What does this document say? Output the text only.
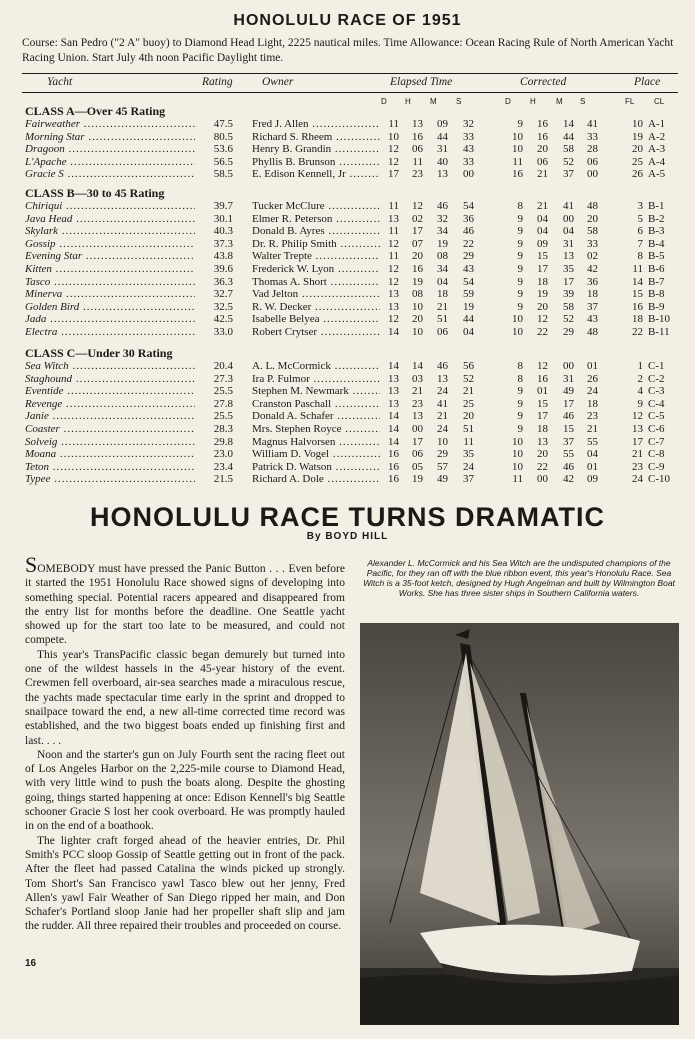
HONOLULU RACE OF 1951
Course: San Pedro ("2 A" buoy) to Diamond Head Light, 2225 nautical miles. Time Allowance: Ocean Racing Rule of North American Yacht Racing Union. Start July 4th noon Pacific Daylight time.
Yacht	Rating	Owner	Elapsed Time	Corrected	Place
D H M S	D H	M S	FL CL
CLASS A—Over 45 Rating
Fairweather .....	47.5 Fred J. Allen .....	11	13	09	32	9	16	14	41	10 A-1
Morning Star .....	80.5 Richard S. Rheem .....	10	16	44	33	10	16	44	33	19 A-2
Dragoon .....	53.6 Henry B. Grandin .....	12	06	31	43	10	20	58	28	20 A-3
L'Apache .....	56.5 Phyllis B. Brunson .....	12	11	40	33	11	06	52	06	25 A-4
Gracie S .....	58.5 E. Edison Kennell, Jr .....	17	23	13	00	16	21	37	00	26 A-5
CLASS B—30 to 45 Rating
Chiriqui .....	39.7 Tucker McClure .....	11	12	46	54	8	21	41	48	3 B-1
Java Head .....	30.1 Elmer R. Peterson .....	13	02	32	36	9	04	00	20	5 B-2
Skylark .....	40.3 Donald B. Ayres .....	11	17	34	46	9	04	04	58	6 B-3
Gossip .....	37.3 Dr. R. Philip Smith .....	12	07	19	22	9	09	31	33	7 B-4
Evening Star .....	43.8 Walter Trepte .....	11	20	08	29	9	15	13	02	8 B-5
Kitten .....	39.6 Frederick W. Lyon .....	12	16	34	43	9	17	35	42	11 B-6
Tasco .....	36.3 Thomas A. Short .....	12	19	04	54	9	18	17	36	14 B-7
Minerva .....	32.7 Vad Jelton .....	13	08	18	59	9	19	39	18	15 B-8
Golden Bird .....	32.5 R. W. Decker .....	13	10	21	19	9	20	58	37	16 B-9
Jada .....	42.5 Isabelle Belyea .....	12	20	51	44	10	12	52	43	18 B-10
Electra .....	33.0 Robert Crytser .....	14	10	06	04	10	22	29	48	22 B-11
CLASS C—Under 30 Rating
Sea Witch .....	20.4 A. L. McCormick .....	14	14	46	56	8	12	00	01	1 C-1
Staghound .....	27.3 Ira P. Fulmor .....	13	03	13	52	8	16	31	26	2 C-2
Eventide .....	25.5 Stephen M. Newmark .....	13	21	24	21	9	01	49	24	4 C-3
Revenge .....	27.8 Cranston Paschall .....	13	23	41	25	9	15	17	18	9 C-4
Janie .....	25.5 Donald A. Schafer .....	14	13	21	20	9	17	46	23	12 C-5
Coaster .....	28.3 Mrs. Stephen Royce .....	14	00	24	51	9	18	15	21	13 C-6
Solveig .....	29.8 Magnus Halvorsen .....	14	17	10	11	10	13	37	55	17 C-7
Moana .....	23.0 William D. Vogel .....	16	06	29	35	10	20	55	04	21 C-8
Teton .....	23.4 Patrick D. Watson .....	16	05	57	24	10	22	46	01	23 C-9
Typee .....	21.5 Richard A. Dole .....	16	19	49	37	11	00	42	09	24 C-10
HONOLULU RACE TURNS DRAMATIC
By BOYD HILL

SOMEBODY must have pressed the Panic Button . . . Even before it started the 1951 Honolulu Race showed signs of developing into something special. Potential racers appeared and disappeared from the entry list for months before the deadline. One Seattle yacht showed up for the start too late to be measured, and could not compete.

This year's TransPacific classic began demurely but turned into one of the wildest hassels in the 45-year history of the event. Crewmen fell overboard, air-sea searches made a miraculous rescue, the yachts made spectacular time early in the sprint and dropped to snailpace toward the end, a new all-time corrected time record was established, and the two biggest boats ended up finishing first and last. . . .

Noon and the starter's gun on July Fourth sent the racing fleet out of Los Angeles Harbor on the 2,225-mile course to Diamond Head, with very little wind to push the boats along. Despite the ghosting going, things started happening at once: Edison Kennell's big Seattle schooner Gracie S lost her cook overboard. He was promptly hauled in on the end of a boathook.

The lighter craft forged ahead of the heavier entries, Dr. Phil Smith's PCC sloop Gossip of Seattle getting out in front of the pack. After the fleet had passed Catalina the winds picked up strongly. Tom Short's San Francisco yawl Tasco blew out her jenny, Fred Allen's yawl Fair Weather of San Diego ripped her main, and Don Schafer's Portland sloop Janie had her propeller shaft slip and jam the rudder. All three repaired their troubles and proceeded on course.

Alexander L. McCormick and his Sea Witch are the undisputed champions of the Pacific, for they ran off with the blue ribbon event, this year's Honolulu Race. Sea Witch is a 35-foot ketch, designed by Hugh Angelman and built by Wilmington Boat Works. She has three sister ships in Southern California waters.
16
